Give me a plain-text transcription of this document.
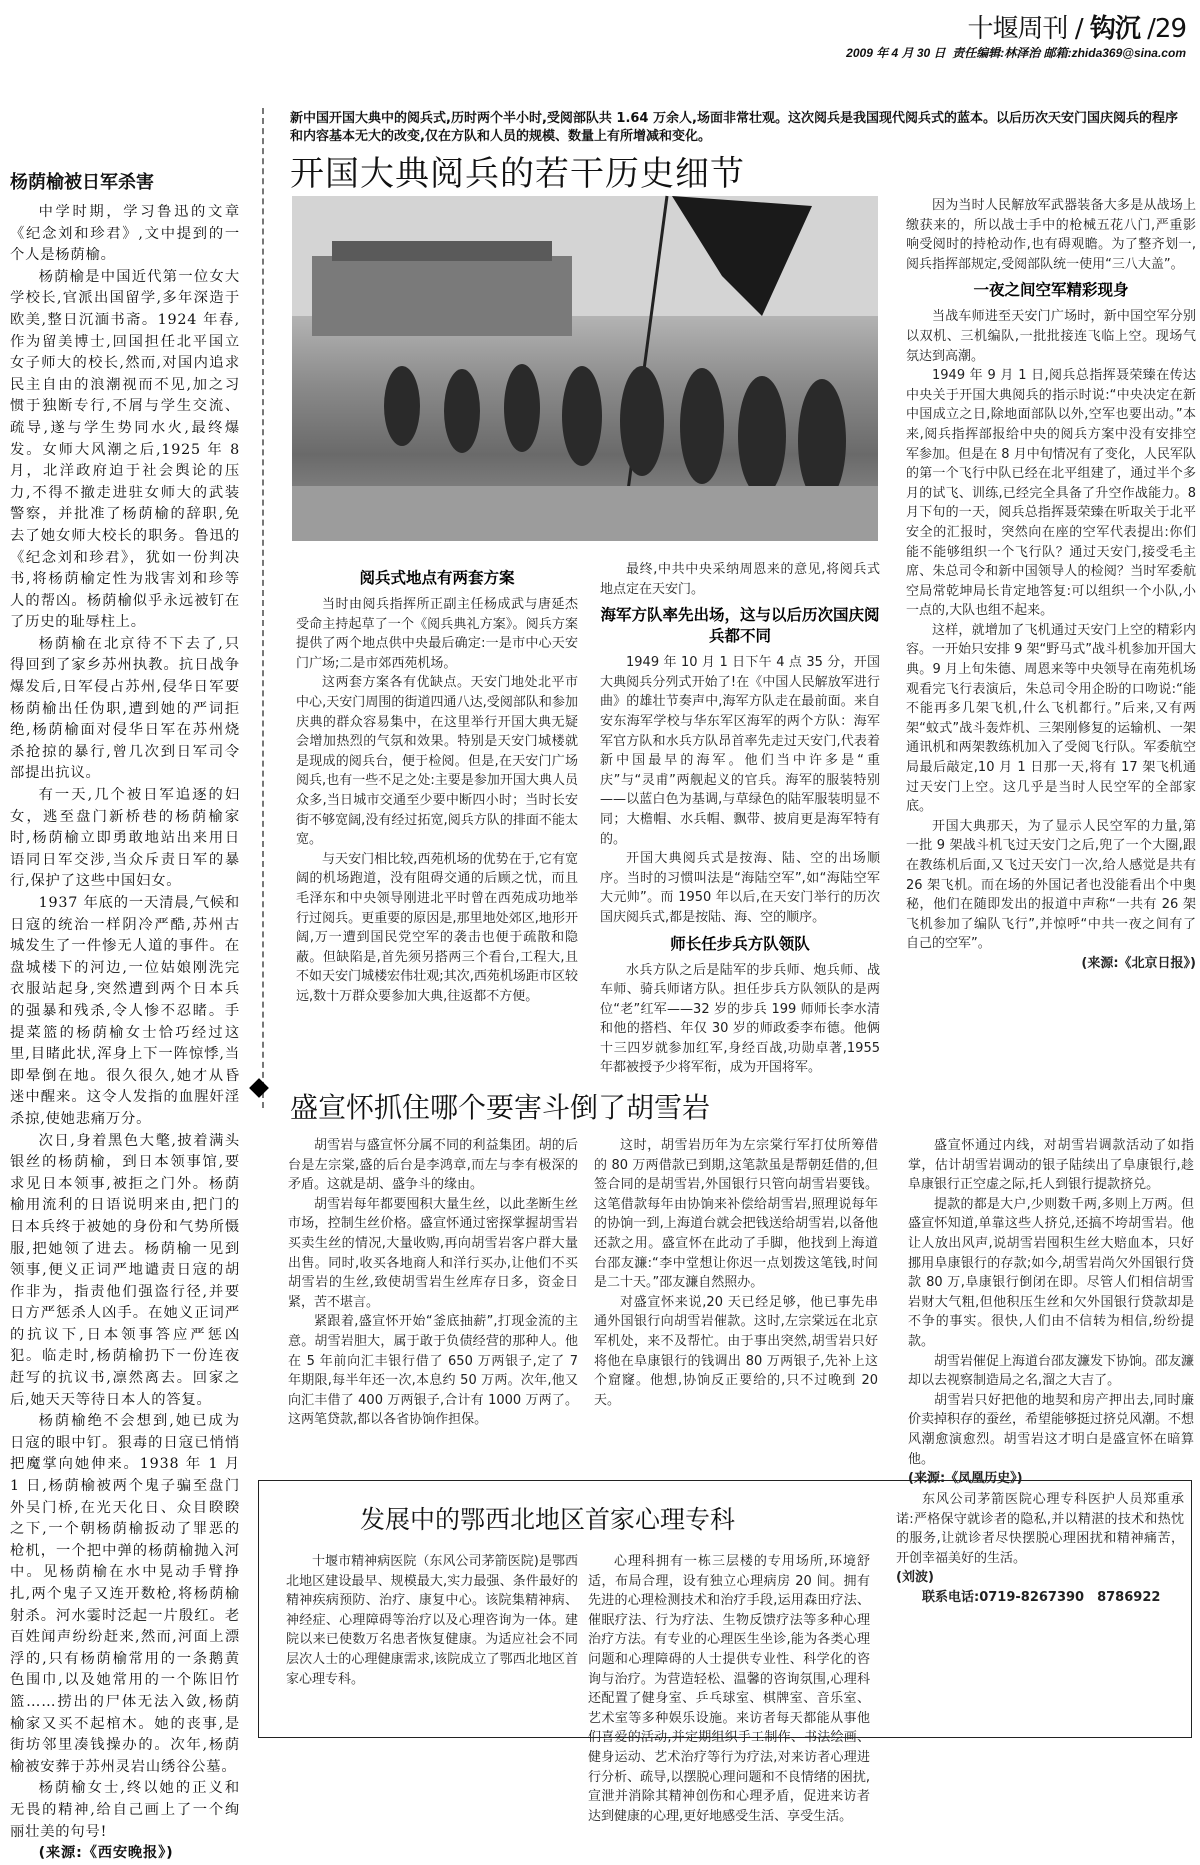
十堰周刊 / 钩沉 /29
2009 年 4 月 30 日 责任编辑:林泽治 邮箱:zhida369@sina.com
杨荫榆被日军杀害

中学时期，学习鲁迅的文章《纪念刘和珍君》,文中提到的一个人是杨荫榆。

杨荫榆是中国近代第一位女大学校长,官派出国留学,多年深造于欧美,整日沉湎书斋。1924 年春,作为留美博士,回国担任北平国立女子师大的校长,然而,对国内追求民主自由的浪潮视而不见,加之习惯于独断专行,不屑与学生交流、疏导,遂与学生势同水火,最终爆发。女师大风潮之后,1925 年 8 月，北洋政府迫于社会舆论的压力,不得不撤走进驻女师大的武装警察，并批准了杨荫榆的辞职,免去了她女师大校长的职务。鲁迅的《纪念刘和珍君》，犹如一份判决书,将杨荫榆定性为戕害刘和珍等人的帮凶。杨荫榆似乎永远被钉在了历史的耻辱柱上。

杨荫榆在北京待不下去了,只得回到了家乡苏州执教。抗日战争爆发后,日军侵占苏州,侵华日军要杨荫榆出任伪职,遭到她的严词拒绝,杨荫榆面对侵华日军在苏州烧杀抢掠的暴行,曾几次到日军司令部提出抗议。

有一天,几个被日军追逐的妇女，逃至盘门新桥巷的杨荫榆家时,杨荫榆立即勇敢地站出来用日语同日军交涉,当众斥责日军的暴行,保护了这些中国妇女。

1937 年底的一天清晨,气候和日寇的统治一样阴冷严酷,苏州古城发生了一件惨无人道的事件。在盘城楼下的河边,一位姑娘刚洗完衣服站起身,突然遭到两个日本兵的强暴和残杀,令人惨不忍睹。手提菜篮的杨荫榆女士恰巧经过这里,目睹此状,浑身上下一阵惊悸,当即晕倒在地。很久很久,她才从昏迷中醒来。这令人发指的血腥奸淫杀掠,使她悲痛万分。

次日,身着黑色大氅,披着满头银丝的杨荫榆，到日本领事馆,要求见日本领事,被拒之门外。杨荫榆用流利的日语说明来由,把门的日本兵终于被她的身份和气势所慑服,把她领了进去。杨荫榆一见到领事,便义正词严地谴责日寇的胡作非为，指责他们强盗行径,并要日方严惩杀人凶手。在她义正词严的抗议下,日本领事答应严惩凶犯。临走时,杨荫榆扔下一份连夜赶写的抗议书,凛然离去。回家之后,她天天等待日本人的答复。

杨荫榆绝不会想到,她已成为日寇的眼中钉。狠毒的日寇已悄悄把魔掌向她伸来。1938 年 1 月 1 日,杨荫榆被两个鬼子骗至盘门外吴门桥,在光天化日、众目睽睽之下,一个朝杨荫榆扳动了罪恶的枪机，一个把中弹的杨荫榆抛入河中。见杨荫榆在水中晃动手臂挣扎,两个鬼子又连开数枪,将杨荫榆射杀。河水霎时泛起一片殷红。老百姓闻声纷纷赶来,然而,河面上漂浮的,只有杨荫榆常用的一条鹅黄色围巾,以及她常用的一个陈旧竹篮……捞出的尸体无法入敛,杨荫榆家又买不起棺木。她的丧事,是街坊邻里凑钱操办的。次年,杨荫榆被安葬于苏州灵岩山绣谷公墓。

杨荫榆女士,终以她的正义和无畏的精神,给自己画上了一个绚丽壮美的句号!

(来源:《西安晚报》)

新中国开国大典中的阅兵式,历时两个半小时,受阅部队共 1.64 万余人,场面非常壮观。这次阅兵是我国现代阅兵式的蓝本。以后历次天安门国庆阅兵的程序和内容基本无大的改变,仅在方队和人员的规模、数量上有所增减和变化。
开国大典阅兵的若干历史细节
阅兵式地点有两套方案

当时由阅兵指挥所正副主任杨成武与唐延杰受命主持起草了一个《阅兵典礼方案》。阅兵方案提供了两个地点供中央最后确定:一是市中心天安门广场;二是市郊西苑机场。

这两套方案各有优缺点。天安门地处北平市中心,天安门周围的街道四通八达,受阅部队和参加庆典的群众容易集中，在这里举行开国大典无疑会增加热烈的气氛和效果。特别是天安门城楼就是现成的阅兵台，便于检阅。但是,在天安门广场阅兵,也有一些不足之处:主要是参加开国大典人员众多,当日城市交通至少要中断四小时；当时长安街不够宽阔,没有经过拓宽,阅兵方队的排面不能太宽。

与天安门相比较,西苑机场的优势在于,它有宽阔的机场跑道，没有阻碍交通的后顾之忧，而且毛泽东和中央领导刚进北平时曾在西苑成功地举行过阅兵。更重要的原因是,那里地处郊区,地形开阔,万一遭到国民党空军的袭击也便于疏散和隐蔽。但缺陷是,首先须另搭两三个看台,工程大,且不如天安门城楼宏伟壮观;其次,西苑机场距市区较远,数十万群众要参加大典,往返都不方便。

最终,中共中央采纳周恩来的意见,将阅兵式地点定在天安门。

海军方队率先出场，这与以后历次国庆阅兵都不同

1949 年 10 月 1 日下午 4 点 35 分，开国大典阅兵分列式开始了!在《中国人民解放军进行曲》的雄壮节奏声中,海军方队走在最前面。来自安东海军学校与华东军区海军的两个方队：海军军官方队和水兵方队昂首率先走过天安门,代表着新中国最早的海军。他们当中许多是“重庆”与“灵甫”两舰起义的官兵。海军的服装特别——以蓝白色为基调,与草绿色的陆军服装明显不同；大檐帽、水兵帽、飘带、披肩更是海军特有的。

开国大典阅兵式是按海、陆、空的出场顺序。当时的习惯叫法是“海陆空军”,如“海陆空军大元帅”。而 1950 年以后,在天安门举行的历次国庆阅兵式,都是按陆、海、空的顺序。

师长任步兵方队领队

水兵方队之后是陆军的步兵师、炮兵师、战车师、骑兵师诸方队。担任步兵方队领队的是两位“老”红军——32 岁的步兵 199 师师长李水清和他的搭档、年仅 30 岁的师政委李布德。他俩十三四岁就参加红军,身经百战,功勋卓著,1955 年都被授予少将军衔，成为开国将军。

因为当时人民解放军武器装备大多是从战场上缴获来的，所以战士手中的枪械五花八门,严重影响受阅时的持枪动作,也有碍观瞻。为了整齐划一,阅兵指挥部规定,受阅部队统一使用“三八大盖”。

一夜之间空军精彩现身

当战车师进至天安门广场时，新中国空军分别以双机、三机编队,一批批接连飞临上空。现场气氛达到高潮。

1949 年 9 月 1 日,阅兵总指挥聂荣臻在传达中央关于开国大典阅兵的指示时说:“中央决定在新中国成立之日,除地面部队以外,空军也要出动。”本来,阅兵指挥部报给中央的阅兵方案中没有安排空军参加。但是在 8 月中旬情况有了变化，人民军队的第一个飞行中队已经在北平组建了，通过半个多月的试飞、训练,已经完全具备了升空作战能力。8 月下旬的一天，阅兵总指挥聂荣臻在听取关于北平安全的汇报时，突然向在座的空军代表提出:你们能不能够组织一个飞行队？通过天安门,接受毛主席、朱总司令和新中国领导人的检阅？当时军委航空局常乾坤局长肯定地答复:可以组织一个小队,小一点的,大队也组不起来。

这样，就增加了飞机通过天安门上空的精彩内容。一开始只安排 9 架“野马式”战斗机参加开国大典。9 月上旬朱德、周恩来等中央领导在南苑机场观看完飞行表演后，朱总司令用企盼的口吻说:“能不能再多几架飞机,什么飞机都行。”后来,又有两架“蚊式”战斗轰炸机、三架刚修复的运输机、一架通讯机和两架教练机加入了受阅飞行队。军委航空局最后敲定,10 月 1 日那一天,将有 17 架飞机通过天安门上空。这几乎是当时人民空军的全部家底。

开国大典那天，为了显示人民空军的力量,第一批 9 架战斗机飞过天安门之后,兜了一个大圈,跟在教练机后面,又飞过天安门一次,给人感觉是共有 26 架飞机。而在场的外国记者也没能看出个中奥秘，他们在随即发出的报道中声称“一共有 26 架飞机参加了编队飞行”,并惊呼“中共一夜之间有了自己的空军”。

(来源:《北京日报》)

盛宣怀抓住哪个要害斗倒了胡雪岩

胡雪岩与盛宣怀分属不同的利益集团。胡的后台是左宗棠,盛的后台是李鸿章,而左与李有极深的矛盾。这就是胡、盛争斗的缘由。

胡雪岩每年都要囤积大量生丝，以此垄断生丝市场，控制生丝价格。盛宣怀通过密探掌握胡雪岩买卖生丝的情况,大量收购,再向胡雪岩客户群大量出售。同时,收买各地商人和洋行买办,让他们不买胡雪岩的生丝,致使胡雪岩生丝库存日多，资金日紧，苦不堪言。

紧跟着,盛宣怀开始“釜底抽薪”,打现金流的主意。胡雪岩胆大，属于敢于负债经营的那种人。他在 5 年前向汇丰银行借了 650 万两银子,定了 7 年期限,每半年还一次,本息约 50 万两。次年,他又向汇丰借了 400 万两银子,合计有 1000 万两了。这两笔贷款,都以各省协饷作担保。

这时，胡雪岩历年为左宗棠行军打仗所筹借的 80 万两借款已到期,这笔款虽是帮朝廷借的,但签合同的是胡雪岩,外国银行只管向胡雪岩要钱。这笔借款每年由协饷来补偿给胡雪岩,照理说每年的协饷一到,上海道台就会把钱送给胡雪岩,以备他还款之用。盛宣怀在此动了手脚，他找到上海道台邵友濂:“李中堂想让你迟一点划拨这笔钱,时间是二十天。”邵友濂自然照办。

对盛宣怀来说,20 天已经足够，他已事先串通外国银行向胡雪岩催款。这时,左宗棠远在北京军机处，来不及帮忙。由于事出突然,胡雪岩只好将他在阜康银行的钱调出 80 万两银子,先补上这个窟窿。他想,协饷反正要给的,只不过晚到 20 天。

盛宣怀通过内线，对胡雪岩调款活动了如指掌，估计胡雪岩调动的银子陆续出了阜康银行,趁阜康银行正空虚之际,托人到银行提款挤兑。

提款的都是大户,少则数千两,多则上万两。但盛宣怀知道,单靠这些人挤兑,还搞不垮胡雪岩。他让人放出风声,说胡雪岩囤积生丝大赔血本，只好挪用阜康银行的存款;如今,胡雪岩尚欠外国银行贷款 80 万,阜康银行倒闭在即。尽管人们相信胡雪岩财大气粗,但他积压生丝和欠外国银行贷款却是不争的事实。很快,人们由不信转为相信,纷纷提款。

胡雪岩催促上海道台邵友濂发下协饷。邵友濂却以去视察制造局之名,溜之大吉了。

胡雪岩只好把他的地契和房产押出去,同时廉价卖掉积存的蚕丝，希望能够挺过挤兑风潮。不想风潮愈演愈烈。胡雪岩这才明白是盛宣怀在暗算他。

(来源:《凤凰历史》)
发展中的鄂西北地区首家心理专科

十堰市精神病医院（东风公司茅箭医院)是鄂西北地区建设最早、规模最大,实力最强、条件最好的精神疾病预防、治疗、康复中心。该院集精神病、神经症、心理障碍等治疗以及心理咨询为一体。建院以来已使数万名患者恢复健康。为适应社会不同层次人士的心理健康需求,该院成立了鄂西北地区首家心理专科。

心理科拥有一栋三层楼的专用场所,环境舒适，布局合理，设有独立心理病房 20 间。拥有先进的心理检测技术和治疗手段,运用森田疗法、催眠疗法、行为疗法、生物反馈疗法等多种心理治疗方法。有专业的心理医生坐诊,能为各类心理问题和心理障碍的人士提供专业性、科学化的咨询与治疗。为营造轻松、温馨的咨询氛围,心理科还配置了健身室、乒乓球室、棋牌室、音乐室、艺术室等多种娱乐设施。来访者每天都能从事他们喜爱的活动,并定期组织手工制作、书法绘画、健身运动、艺术治疗等行为疗法,对来访者心理进行分析、疏导,以摆脱心理问题和不良情绪的困扰,宣泄并消除其精神创伤和心理矛盾，促进来访者达到健康的心理,更好地感受生活、享受生活。

东风公司茅箭医院心理专科医护人员郑重承诺:严格保守就诊者的隐私,并以精湛的技术和热忱的服务,让就诊者尽快摆脱心理困扰和精神痛苦，开创幸福美好的生活。

(刘波)

联系电话:0719-8267390　8786922
